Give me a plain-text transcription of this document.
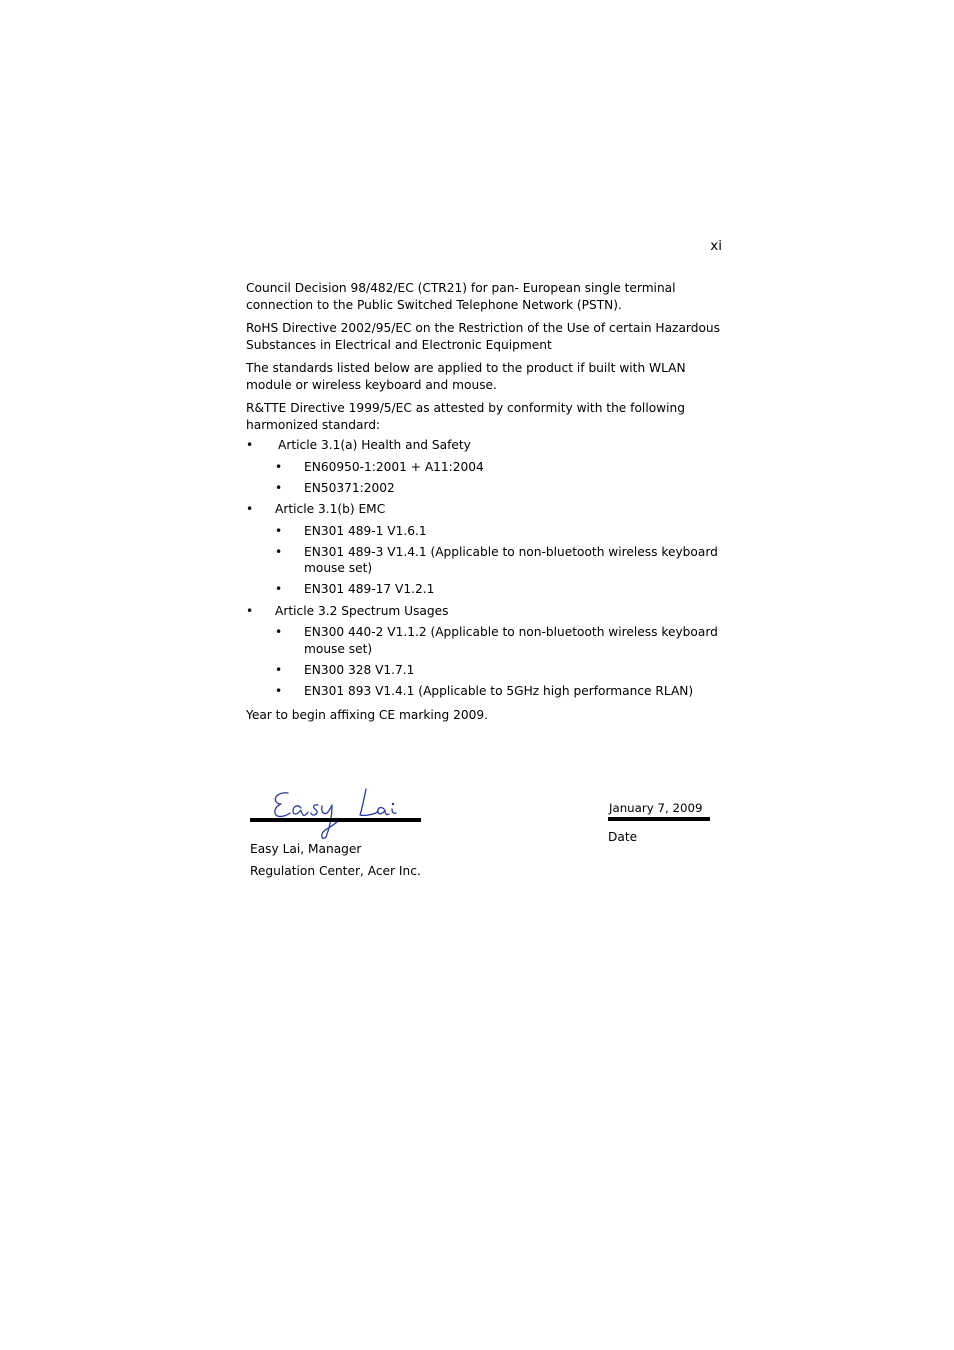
xi

Council Decision 98/482/EC (CTR21) for pan- European single terminal connection to the Public Switched Telephone Network (PSTN).

RoHS Directive 2002/95/EC on the Restriction of the Use of certain Hazardous Substances in Electrical and Electronic Equipment

The standards listed below are applied to the product if built with WLAN module or wireless keyboard and mouse.

R&TTE Directive 1999/5/EC as attested by conformity with the following harmonized standard:

• Article 3.1(a) Health and Safety
• EN60950-1:2001 + A11:2004
• EN50371:2002
• Article 3.1(b) EMC
• EN301 489-1 V1.6.1
• EN301 489-3 V1.4.1 (Applicable to non-bluetooth wireless keyboard mouse set)
• EN301 489-17 V1.2.1
• Article 3.2 Spectrum Usages
• EN300 440-2 V1.1.2 (Applicable to non-bluetooth wireless keyboard mouse set)
• EN300 328 V1.7.1
• EN301 893 V1.4.1 (Applicable to 5GHz high performance RLAN)

Year to begin affixing CE marking 2009.

Easy Lai, Manager
Regulation Center, Acer Inc.
January 7, 2009
Date
